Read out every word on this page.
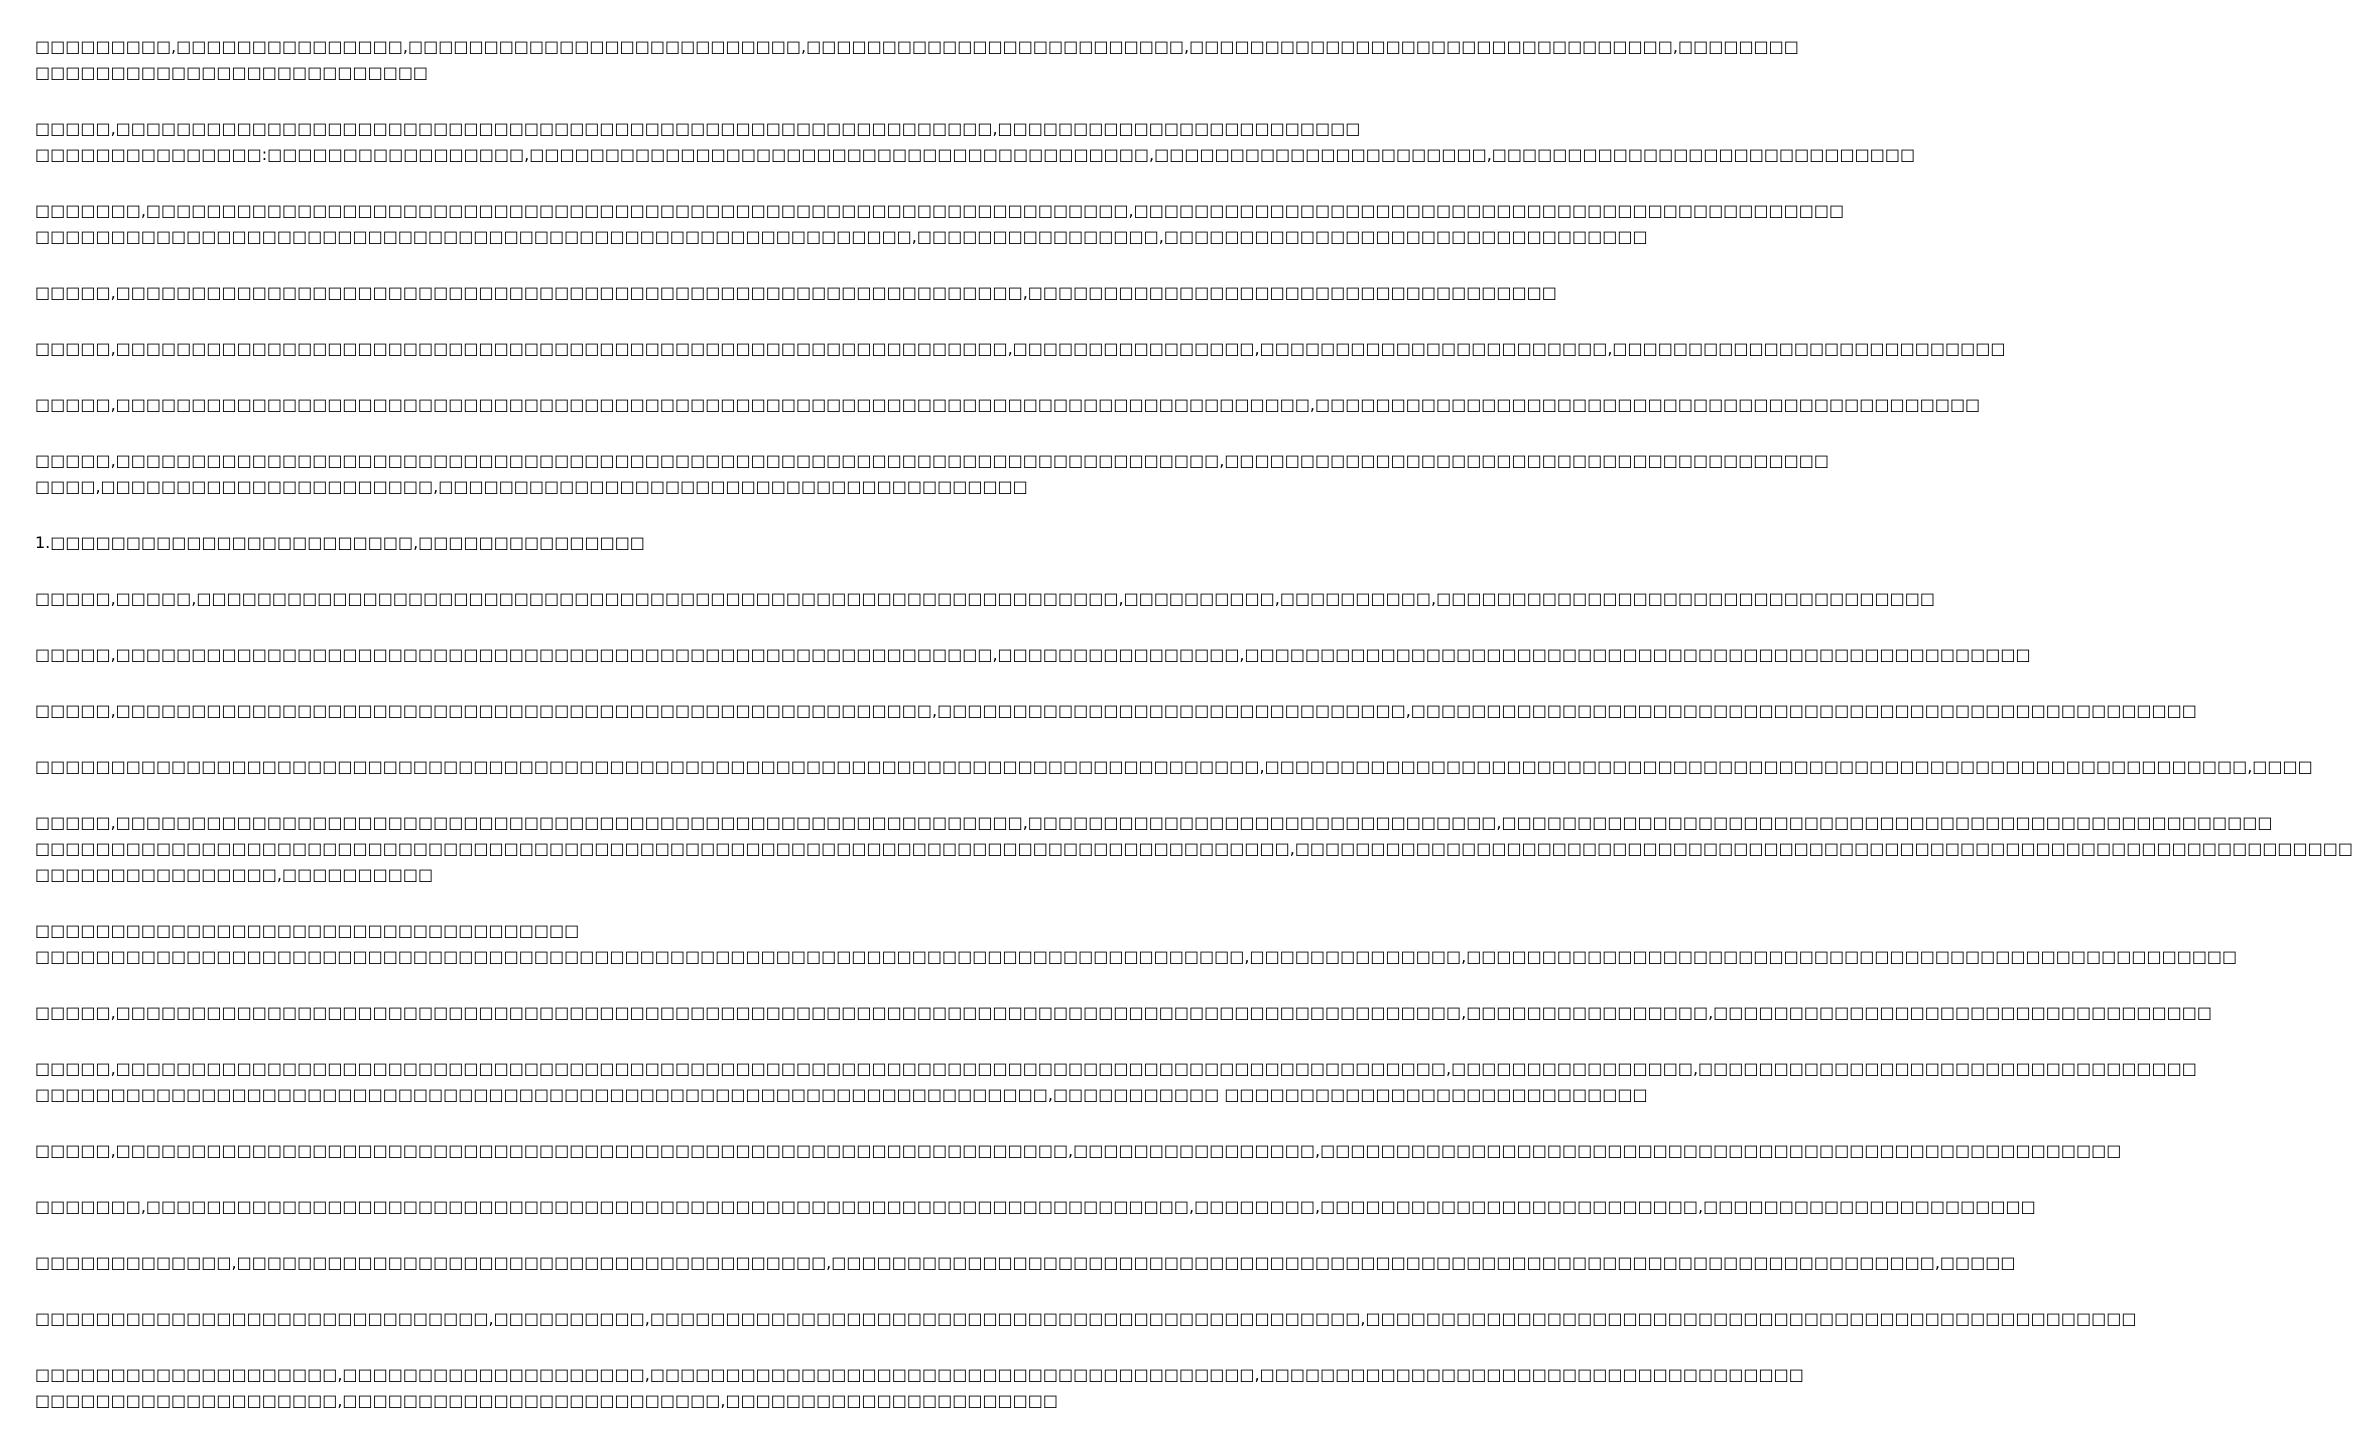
□□□□□□□□□,□□□□□□□□□□□□□□□,□□□□□□□□□□□□□□□□□□□□□□□□□□,□□□□□□□□□□□□□□□□□□□□□□□□□,□□□□□□□□□□□□□□□□□□□□□□□□□□□□□□□□,□□□□□□□□
□□□□□□□□□□□□□□□□□□□□□□□□□□
□□□□□,□□□□□□□□□□□□□□□□□□□□□□□□□□□□□□□□□□□□□□□□□□□□□□□□□□□□□□□□□□,□□□□□□□□□□□□□□□□□□□□□□□□
□□□□□□□□□□□□□□□:□□□□□□□□□□□□□□□□□,□□□□□□□□□□□□□□□□□□□□□□□□□□□□□□□□□□□□□□□□□,□□□□□□□□□□□□□□□□□□□□□□,□□□□□□□□□□□□□□□□□□□□□□□□□□□□
□□□□□□□,□□□□□□□□□□□□□□□□□□□□□□□□□□□□□□□□□□□□□□□□□□□□□□□□□□□□□□□□□□□□□□□□□,□□□□□□□□□□□□□□□□□□□□□□□□□□□□□□□□□□□□□□□□□□□□□□□
□□□□□□□□□□□□□□□□□□□□□□□□□□□□□□□□□□□□□□□□□□□□□□□□□□□□□□□□□□,□□□□□□□□□□□□□□□□,□□□□□□□□□□□□□□□□□□□□□□□□□□□□□□□□
□□□□□,□□□□□□□□□□□□□□□□□□□□□□□□□□□□□□□□□□□□□□□□□□□□□□□□□□□□□□□□□□□□,□□□□□□□□□□□□□□□□□□□□□□□□□□□□□□□□□□□
□□□□□,□□□□□□□□□□□□□□□□□□□□□□□□□□□□□□□□□□□□□□□□□□□□□□□□□□□□□□□□□□□,□□□□□□□□□□□□□□□□,□□□□□□□□□□□□□□□□□□□□□□□,□□□□□□□□□□□□□□□□□□□□□□□□□□
□□□□□,□□□□□□□□□□□□□□□□□□□□□□□□□□□□□□□□□□□□□□□□□□□□□□□□□□□□□□□□□□□□□□□□□□□□□□□□□□□□□□□,□□□□□□□□□□□□□□□□□□□□□□□□□□□□□□□□□□□□□□□□□□□□
□□□□□,□□□□□□□□□□□□□□□□□□□□□□□□□□□□□□□□□□□□□□□□□□□□□□□□□□□□□□□□□□□□□□□□□□□□□□□□□,□□□□□□□□□□□□□□□□□□□□□□□□□□□□□□□□□□□□□□□□
□□□□,□□□□□□□□□□□□□□□□□□□□□□,□□□□□□□□□□□□□□□□□□□□□□□□□□□□□□□□□□□□□□□
1.□□□□□□□□□□□□□□□□□□□□□□□□,□□□□□□□□□□□□□□□
□□□□□,□□□□□,□□□□□□□□□□□□□□□□□□□□□□□□□□□□□□□□□□□□□□□□□□□□□□□□□□□□□□□□□□□□□,□□□□□□□□□□,□□□□□□□□□□,□□□□□□□□□□□□□□□□□□□□□□□□□□□□□□□□□
□□□□□,□□□□□□□□□□□□□□□□□□□□□□□□□□□□□□□□□□□□□□□□□□□□□□□□□□□□□□□□□□,□□□□□□□□□□□□□□□□,□□□□□□□□□□□□□□□□□□□□□□□□□□□□□□□□□□□□□□□□□□□□□□□□□□□□
□□□□□,□□□□□□□□□□□□□□□□□□□□□□□□□□□□□□□□□□□□□□□□□□□□□□□□□□□□□□,□□□□□□□□□□□□□□□□□□□□□□□□□□□□□□□,□□□□□□□□□□□□□□□□□□□□□□□□□□□□□□□□□□□□□□□□□□□□□□□□□□□□
□□□□□□□□□□□□□□□□□□□□□□□□□□□□□□□□□□□□□□□□□□□□□□□□□□□□□□□□□□□□□□□□□□□□□□□□□□□□□□□□□,□□□□□□□□□□□□□□□□□□□□□□□□□□□□□□□□□□□□□□□□□□□□□□□□□□□□□□□□□□□□□□□□□,□□□□
□□□□□,□□□□□□□□□□□□□□□□□□□□□□□□□□□□□□□□□□□□□□□□□□□□□□□□□□□□□□□□□□□□,□□□□□□□□□□□□□□□□□□□□□□□□□□□□□□□,□□□□□□□□□□□□□□□□□□□□□□□□□□□□□□□□□□□□□□□□□□□□□□□□□□□
□□□□□□□□□□□□□□□□□□□□□□□□□□□□□□□□□□□□□□□□□□□□□□□□□□□□□□□□□□□□□□□□□□□□□□□□□□□□□□□□□□□,□□□□□□□□□□□□□□□□□□□□□□□□□□□□□□□□□□□□□□□□□□□□□□□□□□□□□□□□□□□□□□□□□□□□□□
□□□□□□□□□□□□□□□□,□□□□□□□□□□
□□□□□□□□□□□□□□□□□□□□□□□□□□□□□□□□□□□□
□□□□□□□□□□□□□□□□□□□□□□□□□□□□□□□□□□□□□□□□□□□□□□□□□□□□□□□□□□□□□□□□□□□□□□□□□□□□□□□□,□□□□□□□□□□□□□□,□□□□□□□□□□□□□□□□□□□□□□□□□□□□□□□□□□□□□□□□□□□□□□□□□□□
□□□□□,□□□□□□□□□□□□□□□□□□□□□□□□□□□□□□□□□□□□□□□□□□□□□□□□□□□□□□□□□□□□□□□□□□□□□□□□□□□□□□□□□□□□□□□□□,□□□□□□□□□□□□□□□□,□□□□□□□□□□□□□□□□□□□□□□□□□□□□□□□□□
□□□□□,□□□□□□□□□□□□□□□□□□□□□□□□□□□□□□□□□□□□□□□□□□□□□□□□□□□□□□□□□□□□□□□□□□□□□□□□□□□□□□□□□□□□□□□□,□□□□□□□□□□□□□□□□,□□□□□□□□□□□□□□□□□□□□□□□□□□□□□□□□□
□□□□□□□□□□□□□□□□□□□□□□□□□□□□□□□□□□□□□□□□□□□□□□□□□□□□□□□□□□□□□□□□□□□,□□□□□□□□□□□ □□□□□□□□□□□□□□□□□□□□□□□□□□□□
□□□□□,□□□□□□□□□□□□□□□□□□□□□□□□□□□□□□□□□□□□□□□□□□□□□□□□□□□□□□□□□□□□□□□,□□□□□□□□□□□□□□□□,□□□□□□□□□□□□□□□□□□□□□□□□□□□□□□□□□□□□□□□□□□□□□□□□□□□□□
□□□□□□□,□□□□□□□□□□□□□□□□□□□□□□□□□□□□□□□□□□□□□□□□□□□□□□□□□□□□□□□□□□□□□□□□□□□□□,□□□□□□□□,□□□□□□□□□□□□□□□□□□□□□□□□□,□□□□□□□□□□□□□□□□□□□□□□
□□□□□□□□□□□□□,□□□□□□□□□□□□□□□□□□□□□□□□□□□□□□□□□□□□□□□,□□□□□□□□□□□□□□□□□□□□□□□□□□□□□□□□□□□□□□□□□□□□□□□□□□□□□□□□□□□□□□□□□□□□□□□□□,□□□□□
□□□□□□□□□□□□□□□□□□□□□□□□□□□□□□,□□□□□□□□□□,□□□□□□□□□□□□□□□□□□□□□□□□□□□□□□□□□□□□□□□□□□□□□□□,□□□□□□□□□□□□□□□□□□□□□□□□□□□□□□□□□□□□□□□□□□□□□□□□□□□
□□□□□□□□□□□□□□□□□□□□,□□□□□□□□□□□□□□□□□□□□,□□□□□□□□□□□□□□□□□□□□□□□□□□□□□□□□□□□□□□□□,□□□□□□□□□□□□□□□□□□□□□□□□□□□□□□□□□□□□
□□□□□□□□□□□□□□□□□□□□,□□□□□□□□□□□□□□□□□□□□□□□□□,□□□□□□□□□□□□□□□□□□□□□□
